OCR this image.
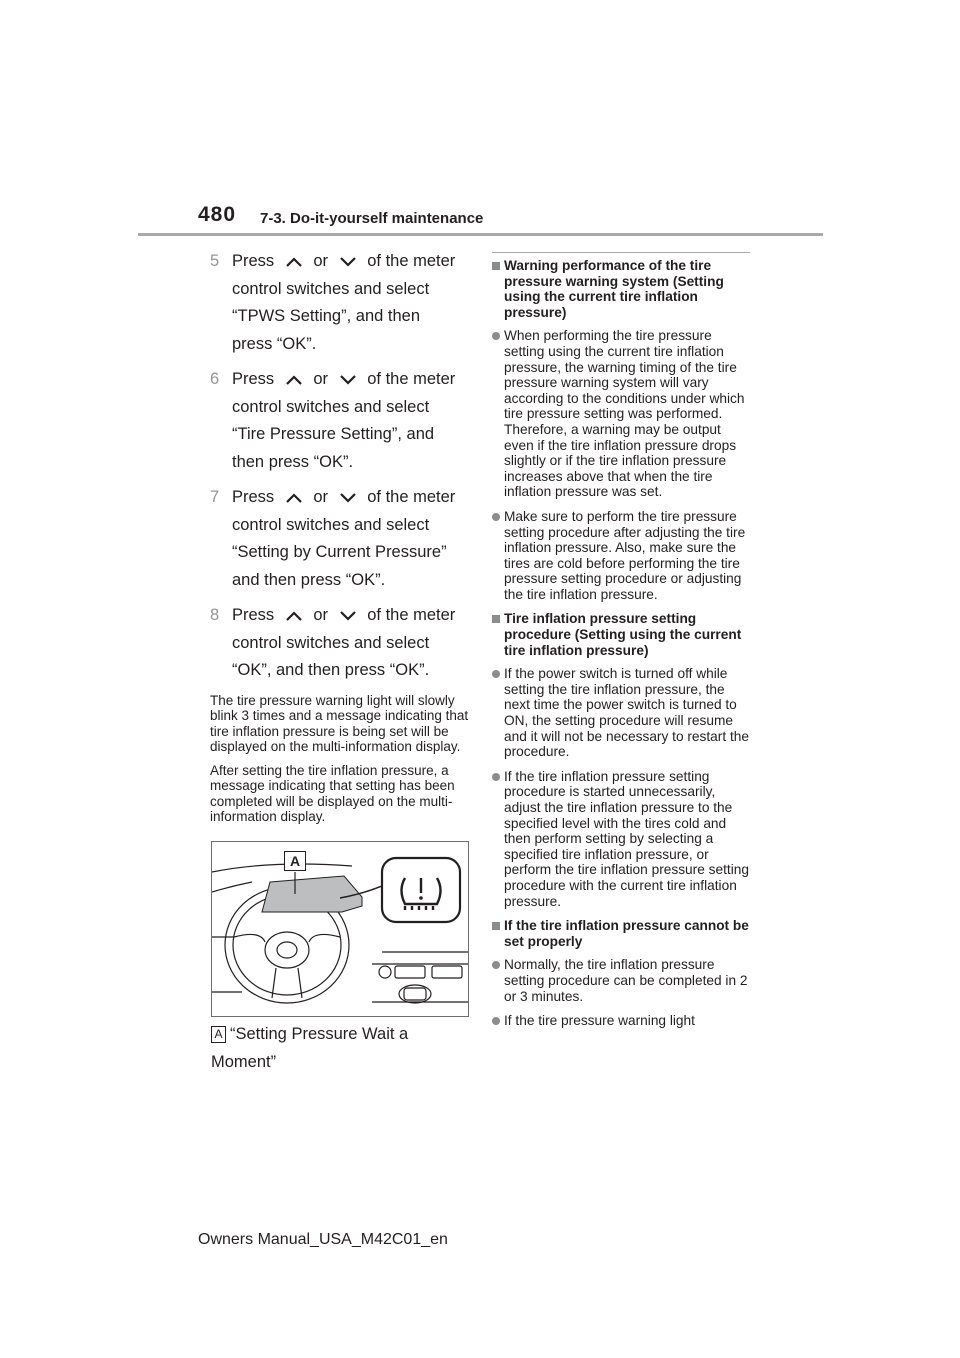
480 7-3. Do-it-yourself maintenance
5 Press or of the meter
control switches and select
“TPWS Setting”, and then
press “OK”.
6 Press or of the meter
control switches and select
“Tire Pressure Setting”, and
then press “OK”.
7 Press or of the meter
control switches and select
“Setting by Current Pressure”
and then press “OK”.
8 Press or of the meter
control switches and select
“OK”, and then press “OK”.

The tire pressure warning light will slowly blink 3 times and a message indicating that tire inflation pressure is being set will be displayed on the multi-information display.

After setting the tire inflation pressure, a message indicating that setting has been completed will be displayed on the multi-information display.

A
A “Setting Pressure Wait a Moment”
Warning performance of the tire pressure warning system (Setting using the current tire inflation pressure)
When performing the tire pressure setting using the current tire inflation pressure, the warning timing of the tire pressure warning system will vary according to the conditions under which tire pressure setting was performed. Therefore, a warning may be output even if the tire inflation pressure drops slightly or if the tire inflation pressure increases above that when the tire inflation pressure was set.
Make sure to perform the tire pressure setting procedure after adjusting the tire inflation pressure. Also, make sure the tires are cold before performing the tire pressure setting procedure or adjusting the tire inflation pressure.
Tire inflation pressure setting procedure (Setting using the current tire inflation pressure)
If the power switch is turned off while setting the tire inflation pressure, the next time the power switch is turned to ON, the setting procedure will resume and it will not be necessary to restart the procedure.
If the tire inflation pressure setting procedure is started unnecessarily, adjust the tire inflation pressure to the specified level with the tires cold and then perform setting by selecting a specified tire inflation pressure, or perform the tire inflation pressure setting procedure with the current tire inflation pressure.
If the tire inflation pressure cannot be set properly
Normally, the tire inflation pressure setting procedure can be completed in 2 or 3 minutes.
If the tire pressure warning light
Owners Manual_USA_M42C01_en
